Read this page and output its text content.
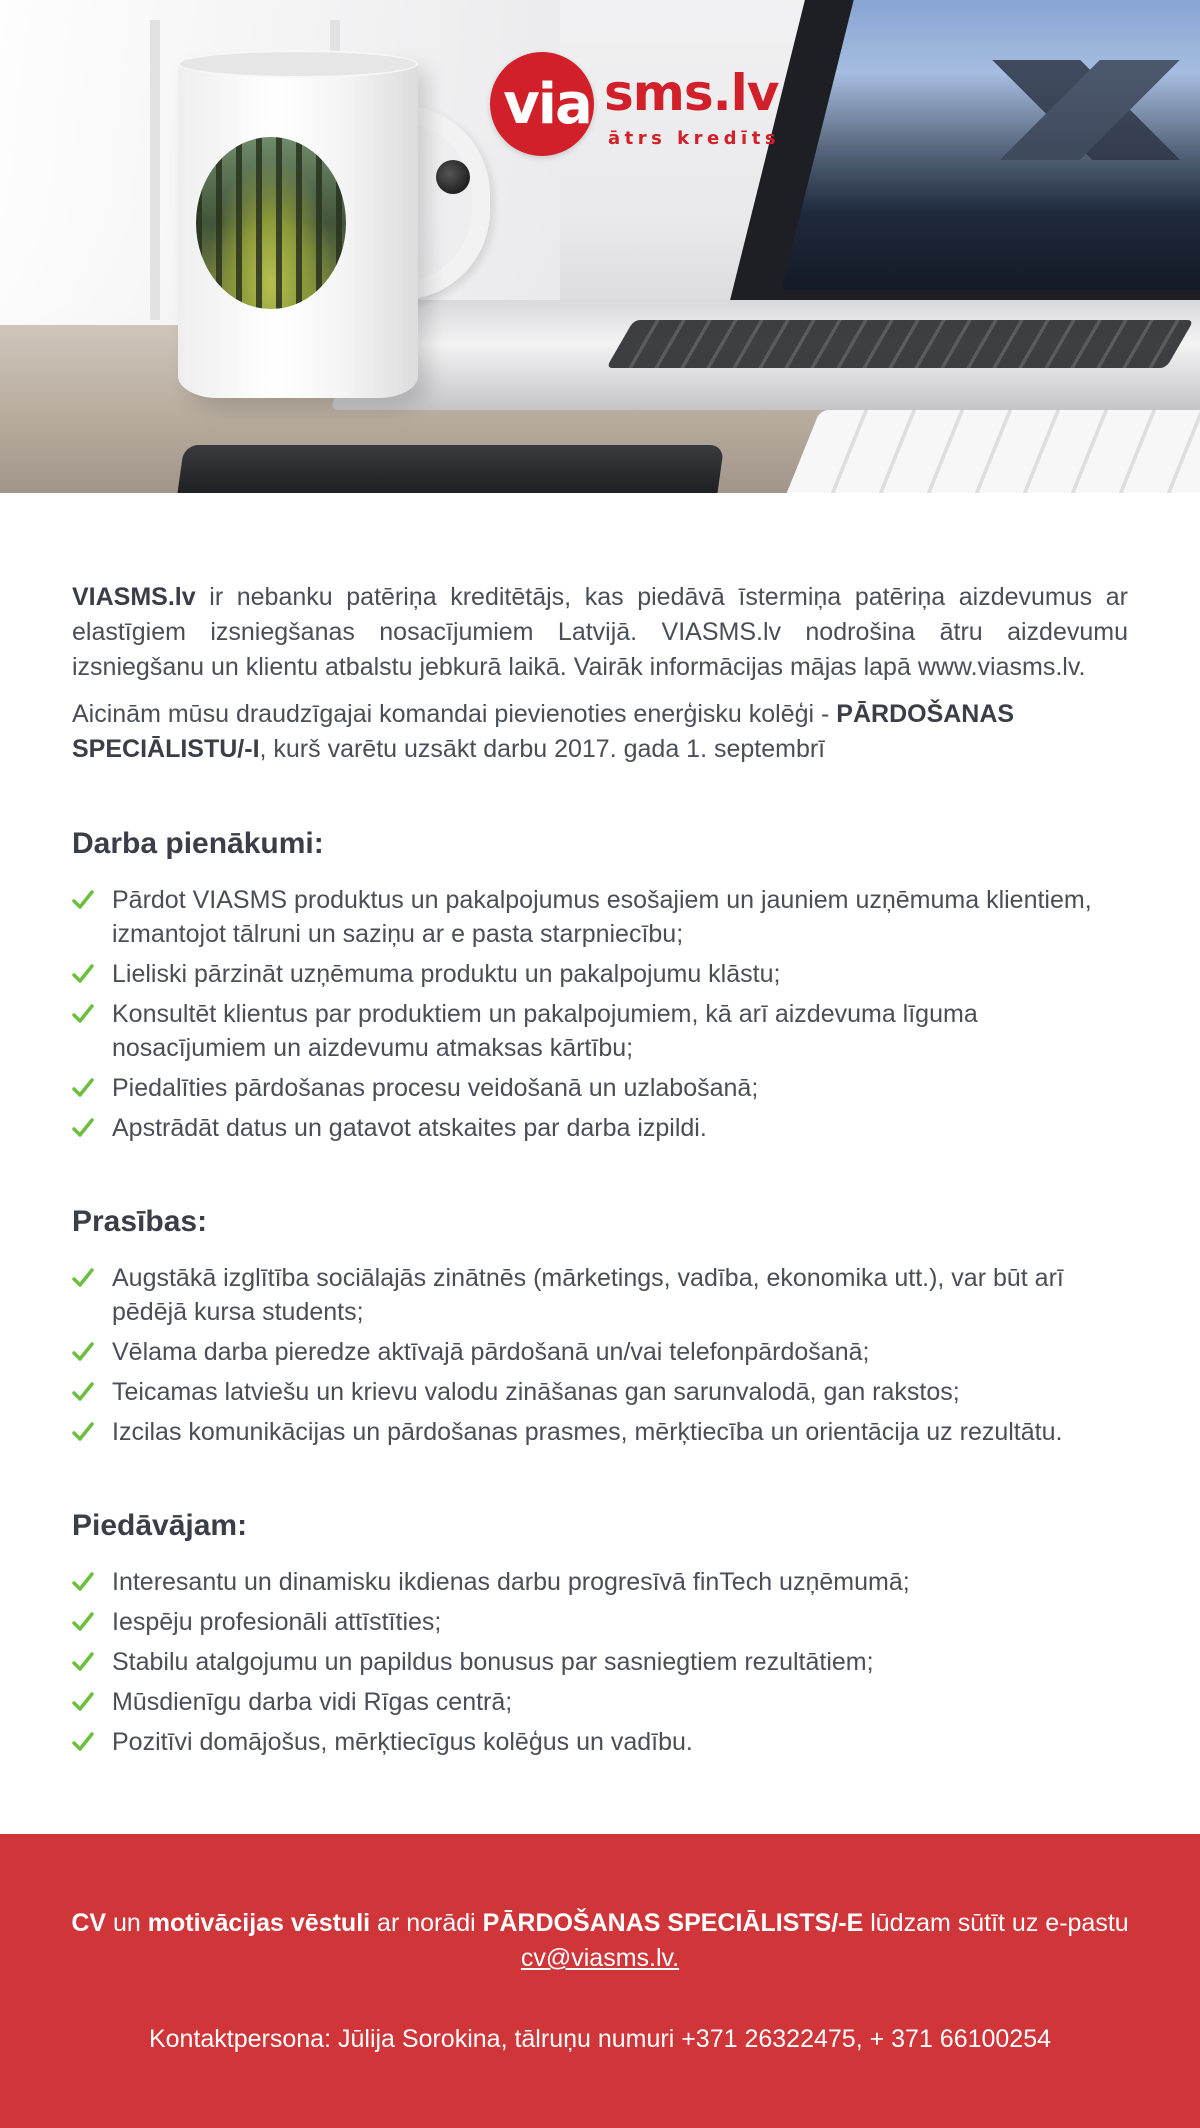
via sms.lv
ātrs kredīts

VIASMS.lv ir nebanku patēriņa kreditētājs, kas piedāvā īstermiņa patēriņa aizdevumus ar elastīgiem izsniegšanas nosacījumiem Latvijā. VIASMS.lv nodrošina ātru aizdevumu izsniegšanu un klientu atbalstu jebkurā laikā. Vairāk informācijas mājas lapā www.viasms.lv.

Aicinām mūsu draudzīgajai komandai pievienoties enerģisku kolēģi - PĀRDOŠANAS SPECIĀLISTU/-I, kurš varētu uzsākt darbu 2017. gada 1. septembrī

Darba pienākumi:
Pārdot VIASMS produktus un pakalpojumus esošajiem un jauniem uzņēmuma klientiem, izmantojot tālruni un saziņu ar e pasta starpniecību;
Lieliski pārzināt uzņēmuma produktu un pakalpojumu klāstu;
Konsultēt klientus par produktiem un pakalpojumiem, kā arī aizdevuma līguma nosacījumiem un aizdevumu atmaksas kārtību;
Piedalīties pārdošanas procesu veidošanā un uzlabošanā;
Apstrādāt datus un gatavot atskaites par darba izpildi.
Prasības:
Augstākā izglītība sociālajās zinātnēs (mārketings, vadība, ekonomika utt.), var būt arī pēdējā kursa students;
Vēlama darba pieredze aktīvajā pārdošanā un/vai telefonpārdošanā;
Teicamas latviešu un krievu valodu zināšanas gan sarunvalodā, gan rakstos;
Izcilas komunikācijas un pārdošanas prasmes, mērķtiecība un orientācija uz rezultātu.
Piedāvājam:
Interesantu un dinamisku ikdienas darbu progresīvā finTech uzņēmumā;
Iespēju profesionāli attīstīties;
Stabilu atalgojumu un papildus bonusus par sasniegtiem rezultātiem;
Mūsdienīgu darba vidi Rīgas centrā;
Pozitīvi domājošus, mērķtiecīgus kolēģus un vadību.

CV un motivācijas vēstuli ar norādi PĀRDOŠANAS SPECIĀLISTS/-E lūdzam sūtīt uz e-pastu
cv@viasms.lv.

Kontaktpersona: Jūlija Sorokina, tālruņu numuri +371 26322475, + 371 66100254
